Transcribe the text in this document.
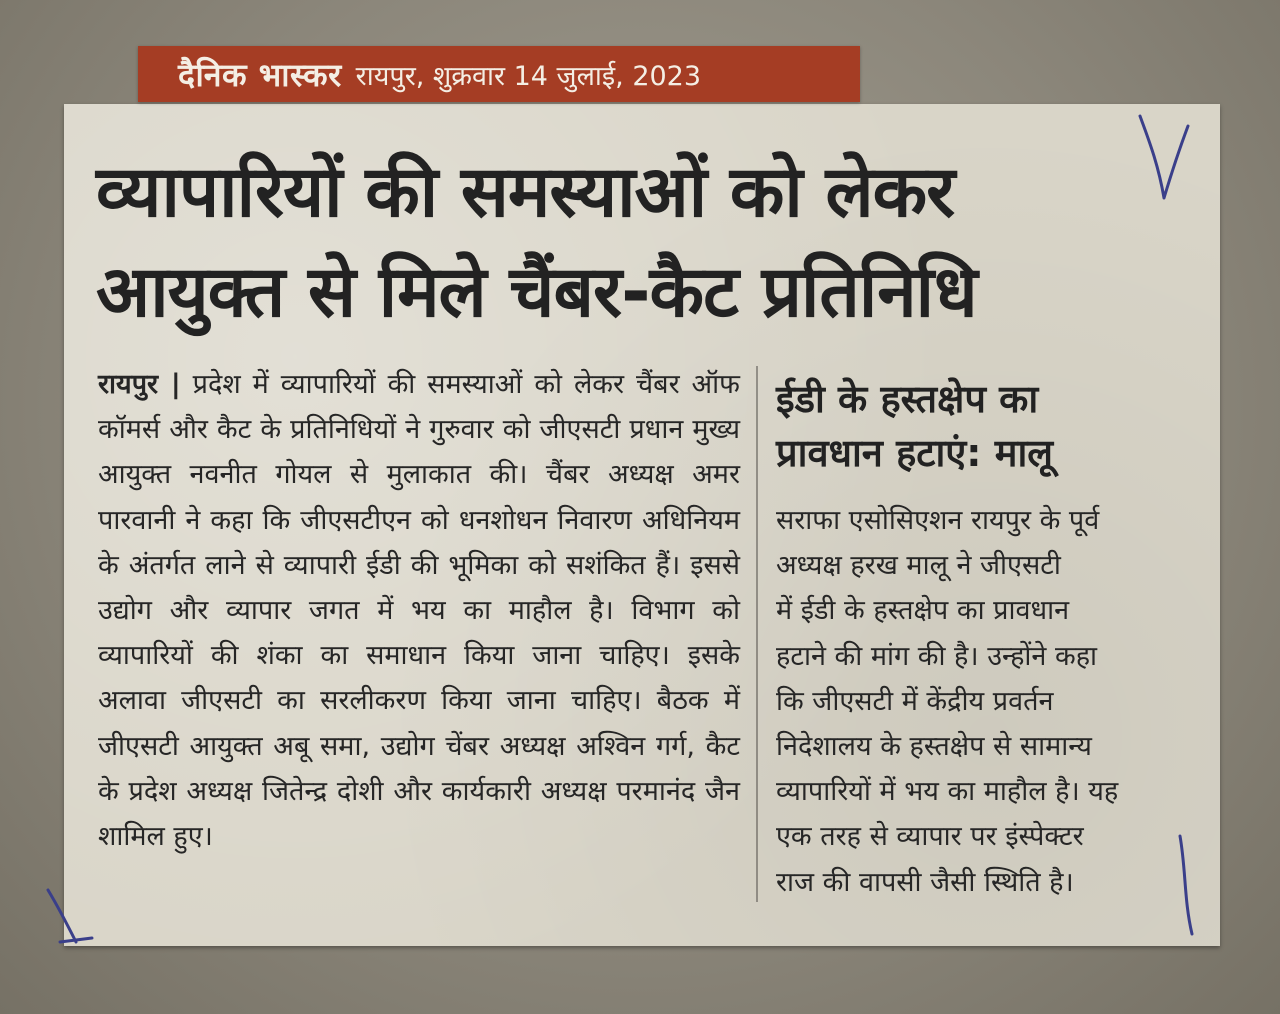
दैनिक भास्कर रायपुर, शुक्रवार 14 जुलाई, 2023
व्यापारियों की समस्याओं को लेकर
आयुक्त से मिले चैंबर-कैट प्रतिनिधि

रायपुर | प्रदेश में व्यापारियों की समस्याओं को लेकर चैंबर ऑफ कॉमर्स और कैट के प्रतिनिधियों ने गुरुवार को जीएसटी प्रधान मुख्य आयुक्त नवनीत गोयल से मुलाकात की। चैंबर अध्यक्ष अमर पारवानी ने कहा कि जीएसटीएन को धनशोधन निवारण अधिनियम के अंतर्गत लाने से व्यापारी ईडी की भूमिका को सशंकित हैं। इससे उद्योग और व्यापार जगत में भय का माहौल है। विभाग को व्यापारियों की शंका का समाधान किया जाना चाहिए। इसके अलावा जीएसटी का सरलीकरण किया जाना चाहिए। बैठक में जीएसटी आयुक्त अबू समा, उद्योग चेंबर अध्यक्ष अश्विन गर्ग, कैट के प्रदेश अध्यक्ष जितेन्द्र दोशी और कार्यकारी अध्यक्ष परमानंद जैन शामिल हुए।

ईडी के हस्तक्षेप का
प्रावधान हटाएं: मालू
सराफा एसोसिएशन रायपुर के पूर्व
अध्यक्ष हरख मालू ने जीएसटी
में ईडी के हस्तक्षेप का प्रावधान
हटाने की मांग की है। उन्होंने कहा
कि जीएसटी में केंद्रीय प्रवर्तन
निदेशालय के हस्तक्षेप से सामान्य
व्यापारियों में भय का माहौल है। यह
एक तरह से व्यापार पर इंस्पेक्टर
राज की वापसी जैसी स्थिति है।
